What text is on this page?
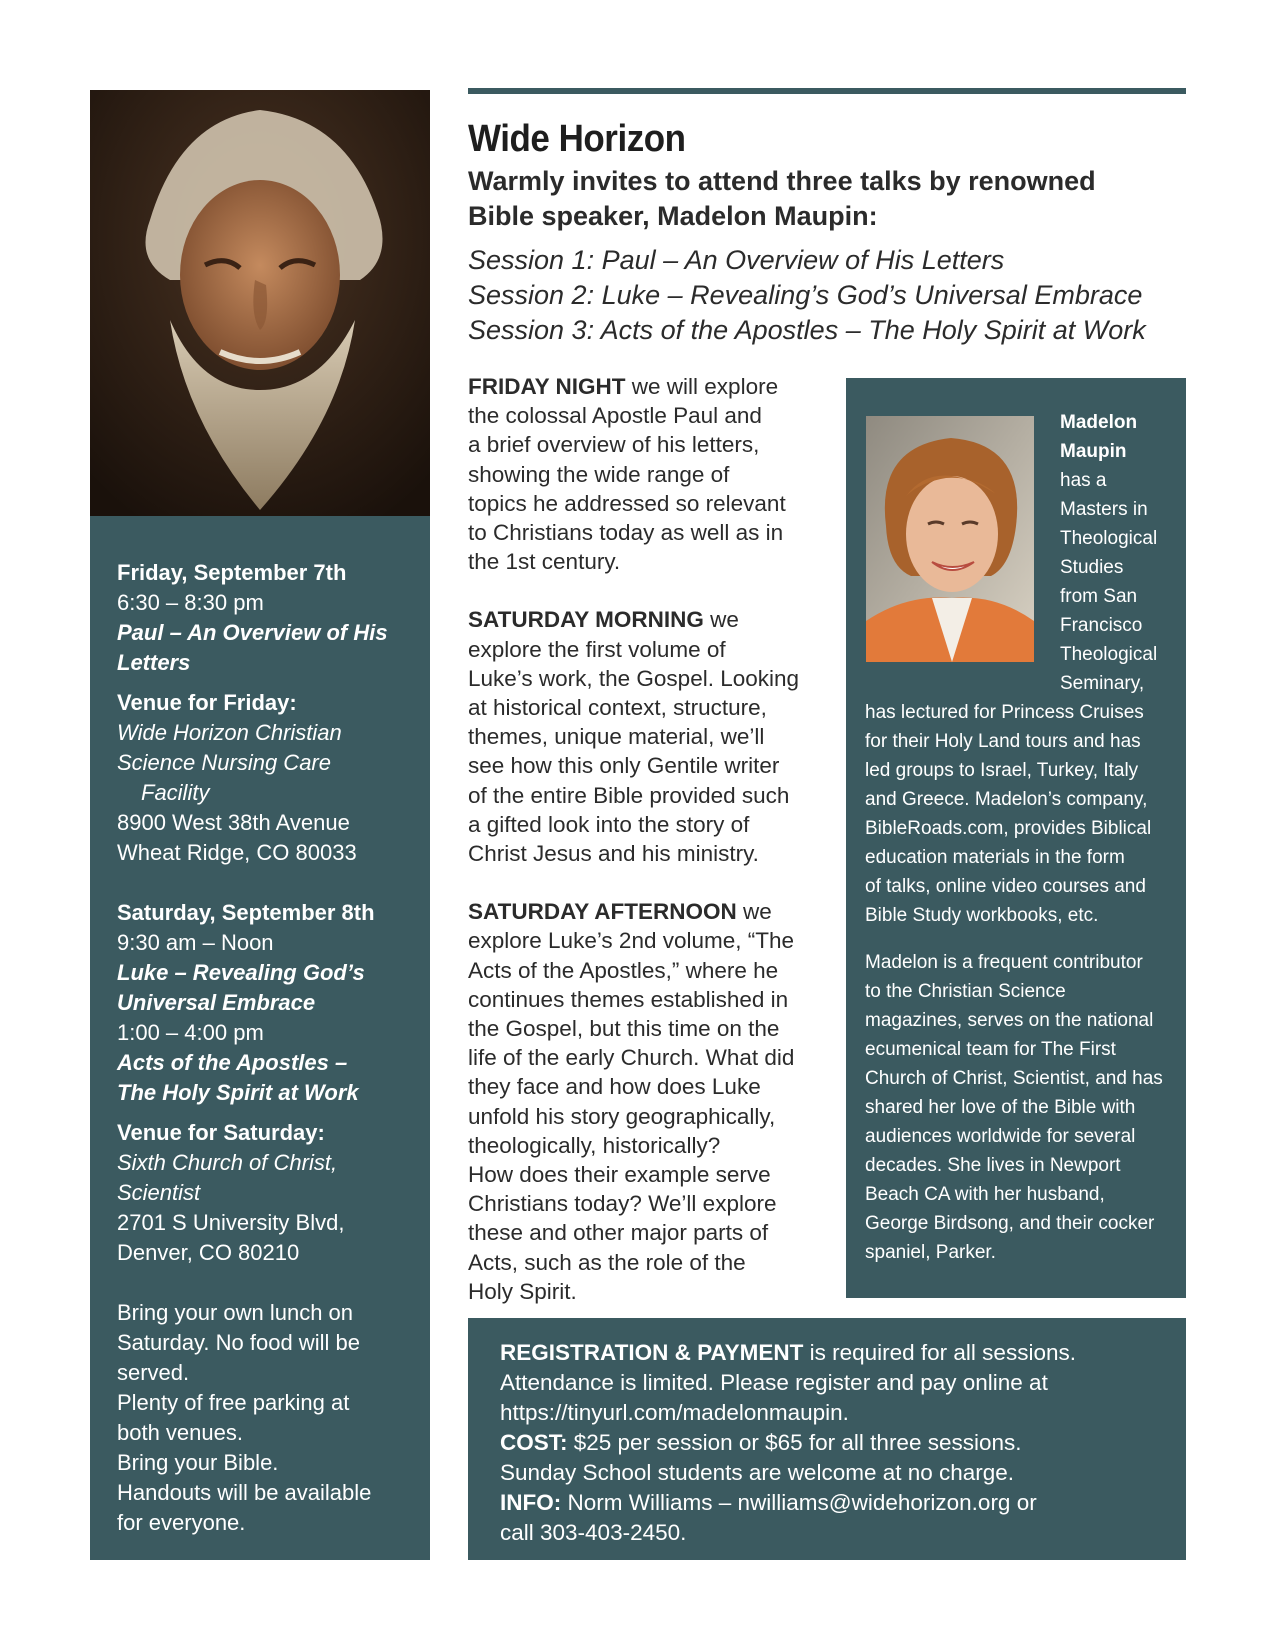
Friday, September 7th
6:30 – 8:30 pm
Paul – An Overview of His
Letters
Venue for Friday:
Wide Horizon Christian
Science Nursing Care
Facility
8900 West 38th Avenue
Wheat Ridge, CO 80033
Saturday, September 8th
9:30 am – Noon
Luke – Revealing God’s
Universal Embrace
1:00 – 4:00 pm
Acts of the Apostles –
The Holy Spirit at Work
Venue for Saturday:
Sixth Church of Christ,
Scientist
2701 S University Blvd,
Denver, CO 80210
Bring your own lunch on
Saturday. No food will be
served.
Plenty of free parking at
both venues.
Bring your Bible.
Handouts will be available
for everyone.
Wide Horizon
Warmly invites to attend three talks by renowned
Bible speaker, Madelon Maupin:
Session 1: Paul – An Overview of His Letters
Session 2: Luke – Revealing’s God’s Universal Embrace
Session 3: Acts of the Apostles – The Holy Spirit at Work
FRIDAY NIGHT we will explore
the colossal Apostle Paul and
a brief overview of his letters,
showing the wide range of
topics he addressed so relevant
to Christians today as well as in
the 1st century.
SATURDAY MORNING we
explore the first volume of
Luke’s work, the Gospel. Looking
at historical context, structure,
themes, unique material, we’ll
see how this only Gentile writer
of the entire Bible provided such
a gifted look into the story of
Christ Jesus and his ministry.
SATURDAY AFTERNOON we
explore Luke’s 2nd volume, “The
Acts of the Apostles,” where he
continues themes established in
the Gospel, but this time on the
life of the early Church. What did
they face and how does Luke
unfold his story geographically,
theologically, historically?
How does their example serve
Christians today? We’ll explore
these and other major parts of
Acts, such as the role of the
Holy Spirit.
Madelon
Maupin
has a
Masters in
Theological
Studies
from San
Francisco
Theological
Seminary,
has lectured for Princess Cruises
for their Holy Land tours and has
led groups to Israel, Turkey, Italy
and Greece. Madelon’s company,
BibleRoads.com, provides Biblical
education materials in the form
of talks, online video courses and
Bible Study workbooks, etc.
Madelon is a frequent contributor
to the Christian Science
magazines, serves on the national
ecumenical team for The First
Church of Christ, Scientist, and has
shared her love of the Bible with
audiences worldwide for several
decades. She lives in Newport
Beach CA with her husband,
George Birdsong, and their cocker
spaniel, Parker.
REGISTRATION & PAYMENT is required for all sessions.
Attendance is limited. Please register and pay online at
https://tinyurl.com/madelonmaupin.
COST: $25 per session or $65 for all three sessions.
Sunday School students are welcome at no charge.
INFO: Norm Williams – nwilliams@widehorizon.org or
call 303-403-2450.
